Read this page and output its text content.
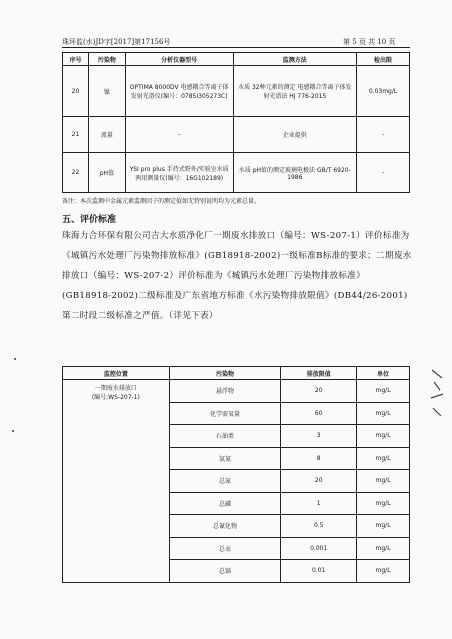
珠环监(水)JD字[2017]第17156号	第 5 页 共 10 页
序号	污染物	分析仪器型号	监测方法	检出限
20	镍	OPTIMA 8000DV 电感耦合等离子体发射光谱仪(编号：0785I305273C)	水质 32种元素的测定 电感耦合等离子体发射光谱法 HJ 776-2015	0.03mg/L
21	流量	-	企业提供	-
22	pH值	YSI pro plus 手持式野外/实验室水质两用测量仪(编号：16G102189)	水质 pH值的测定玻璃电极法 GB/T 6920-1986	-
备注：本次监测中金属元素监测因子的测定值如无特别说明均为元素总量。
五、评价标准
珠海力合环保有限公司吉大水质净化厂一期废水排放口（编号：WS-207-1）评价标准为《城镇污水处理厂污染物排放标准》(GB18918-2002)一级标准B标准的要求；二期废水排放口（编号：WS-207-2）评价标准为《城镇污水处理厂污染物排放标准》(GB18918-2002)二级标准及广东省地方标准《水污染物排放限值》(DB44/26-2001)第二时段二级标准之严值。（详见下表）
监控位置	污染物	排放限值	单位

一期废水排放口
(编号:WS-207-1)	悬浮物	20	mg/L
	化学需氧量	60	mg/L
	石油类	3	mg/L
	氨氮	8	mg/L
	总氮	20	mg/L
	总磷	1	mg/L
	总氰化物	0.5	mg/L
	总汞	0.001	mg/L
	总镉	0.01	mg/L
